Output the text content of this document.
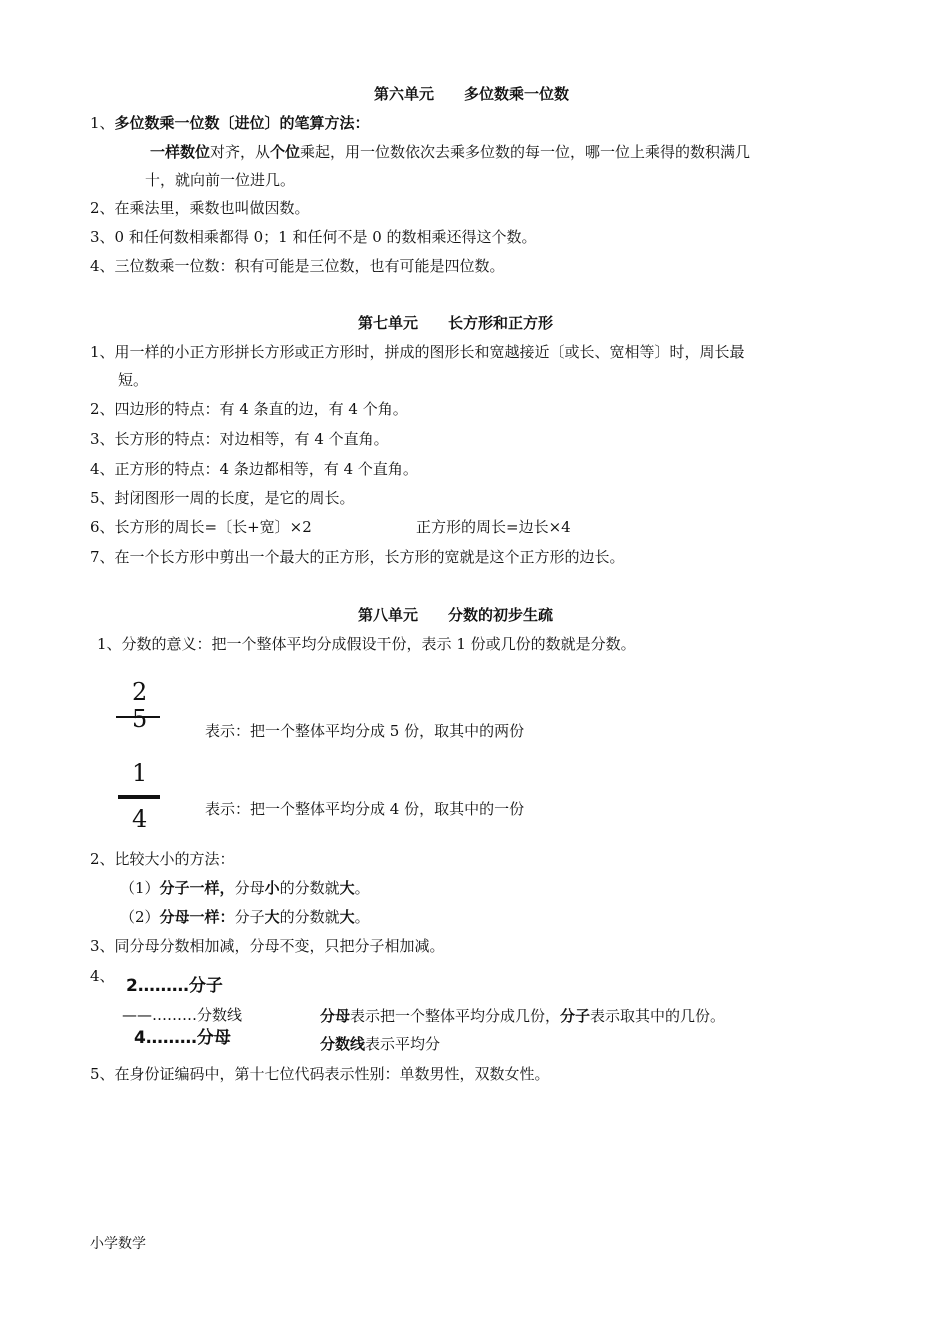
第六单元　　多位数乘一位数
1、多位数乘一位数〔进位〕的笔算方法：
一样数位对齐，从个位乘起，用一位数依次去乘多位数的每一位，哪一位上乘得的数积满几
十，就向前一位进几。
2、在乘法里，乘数也叫做因数。
3、0 和任何数相乘都得 0；1 和任何不是 0 的数相乘还得这个数。
4、三位数乘一位数：积有可能是三位数，也有可能是四位数。
第七单元　　长方形和正方形
1、用一样的小正方形拼长方形或正方形时，拼成的图形长和宽越接近〔或长、宽相等〕时，周长最
短。
2、四边形的特点：有 4 条直的边，有 4 个角。
3、长方形的特点：对边相等，有 4 个直角。
4、正方形的特点：4 条边都相等，有 4 个直角。
5、封闭图形一周的长度，是它的周长。
6、长方形的周长=〔长+宽〕×2	正方形的周长=边长×4
7、在一个长方形中剪出一个最大的正方形，长方形的宽就是这个正方形的边长。
第八单元　　分数的初步生疏
1、分数的意义：把一个整体平均分成假设干份，表示 1 份或几份的数就是分数。
2
5	表示：把一个整体平均分成 5 份，取其中的两份
1
4	表示：把一个整体平均分成 4 份，取其中的一份
2、比较大小的方法：
（1）分子一样，分母小的分数就大。
（2）分母一样：分子大的分数就大。
3、同分母分数相加减，分母不变，只把分子相加减。
4、 2………分子
——………分数线
4………分母
分母表示把一个整体平均分成几份，分子表示取其中的几份。
分数线表示平均分
5、在身份证编码中，第十七位代码表示性别：单数男性，双数女性。
小学数学
